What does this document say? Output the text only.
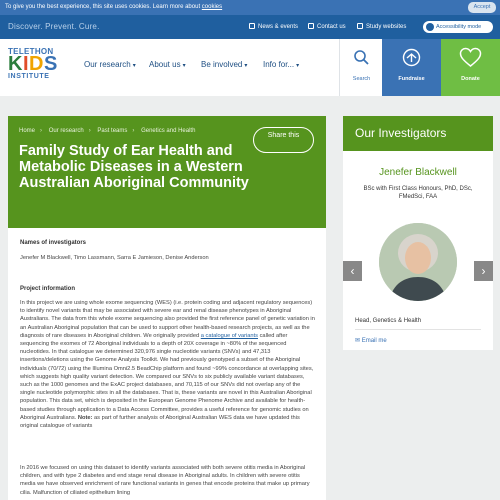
To give you the best experience, this site uses cookies. Learn more about cookies	Accept
Discover. Prevent. Cure.	News & events	Contact us	Study websites	Accessibility mode
TELETHON
KIDS
INSTITUTE
Our research ▾ About us ▾ Be involved ▾ Info for... ▾
Search	Fundraise	Donate
Home › Our research › Past teams › Genetics and Health
Family Study of Ear Health and Metabolic Diseases in a Western Australian Aboriginal Community
Share this
Names of investigators
Jenefer M Blackwell, Timo Lassmann, Sarra E Jamieson, Denise Anderson
Project information
In this project we are using whole exome sequencing (WES) (i.e. protein coding and adjacent regulatory sequences) to identify novel variants that may be associated with severe ear and renal disease phenotypes in Aboriginal Australians. The data from this whole exome sequencing also provided the first reference panel of genetic variation in an Australian Aboriginal population that can be used to support other health-based research projects, as well as the diagnosis of rare diseases in Aboriginal children. We originally provided a catalogue of variants called after sequencing the exomes of 72 Aboriginal individuals to a depth of 20X coverage in ~80% of the sequenced nucleotides. In that catalogue we determined 320,976 single nucleotide variants (SNVs) and 47,313 insertions/deletions using the Genome Analysis Toolkit. We had previously genotyped a subset of the Aboriginal individuals (70/72) using the Illumina Omni2.5 BeadChip platform and found ~99% concordance at overlapping sites, which suggests high quality variant detection. We compared our SNVs to six publicly available variant databases, such as the 1000 genomes and the ExAC project databases, and 70,115 of our SNVs did not overlap any of the single nucleotide polymorphic sites in all the databases. That is, these variants are novel in this Australian Aboriginal population. This data set, which is deposited in the European Genome Phenome Archive and available for health-based studies through application to a Data Access Committee, provides a useful reference for genomic studies on Aboriginal Australians. Note: as part of further analysis of Aboriginal Australian WES data we have updated this original catalogue of variants
In 2016 we focused on using this dataset to identify variants associated with both severe otitis media in Aboriginal children, and with type 2 diabetes and end stage renal disease in Aboriginal adults. In children with severe otitis media we have observed enrichment of rare functional variants in genes that encode proteins that make up primary cilia. Malfunction of ciliated epithelium lining
Our Investigators
Jenefer Blackwell
BSc with First Class Honours, PhD, DSc, FMedSci, FAA
Head, Genetics & Health
✉ Email me
‹	›
